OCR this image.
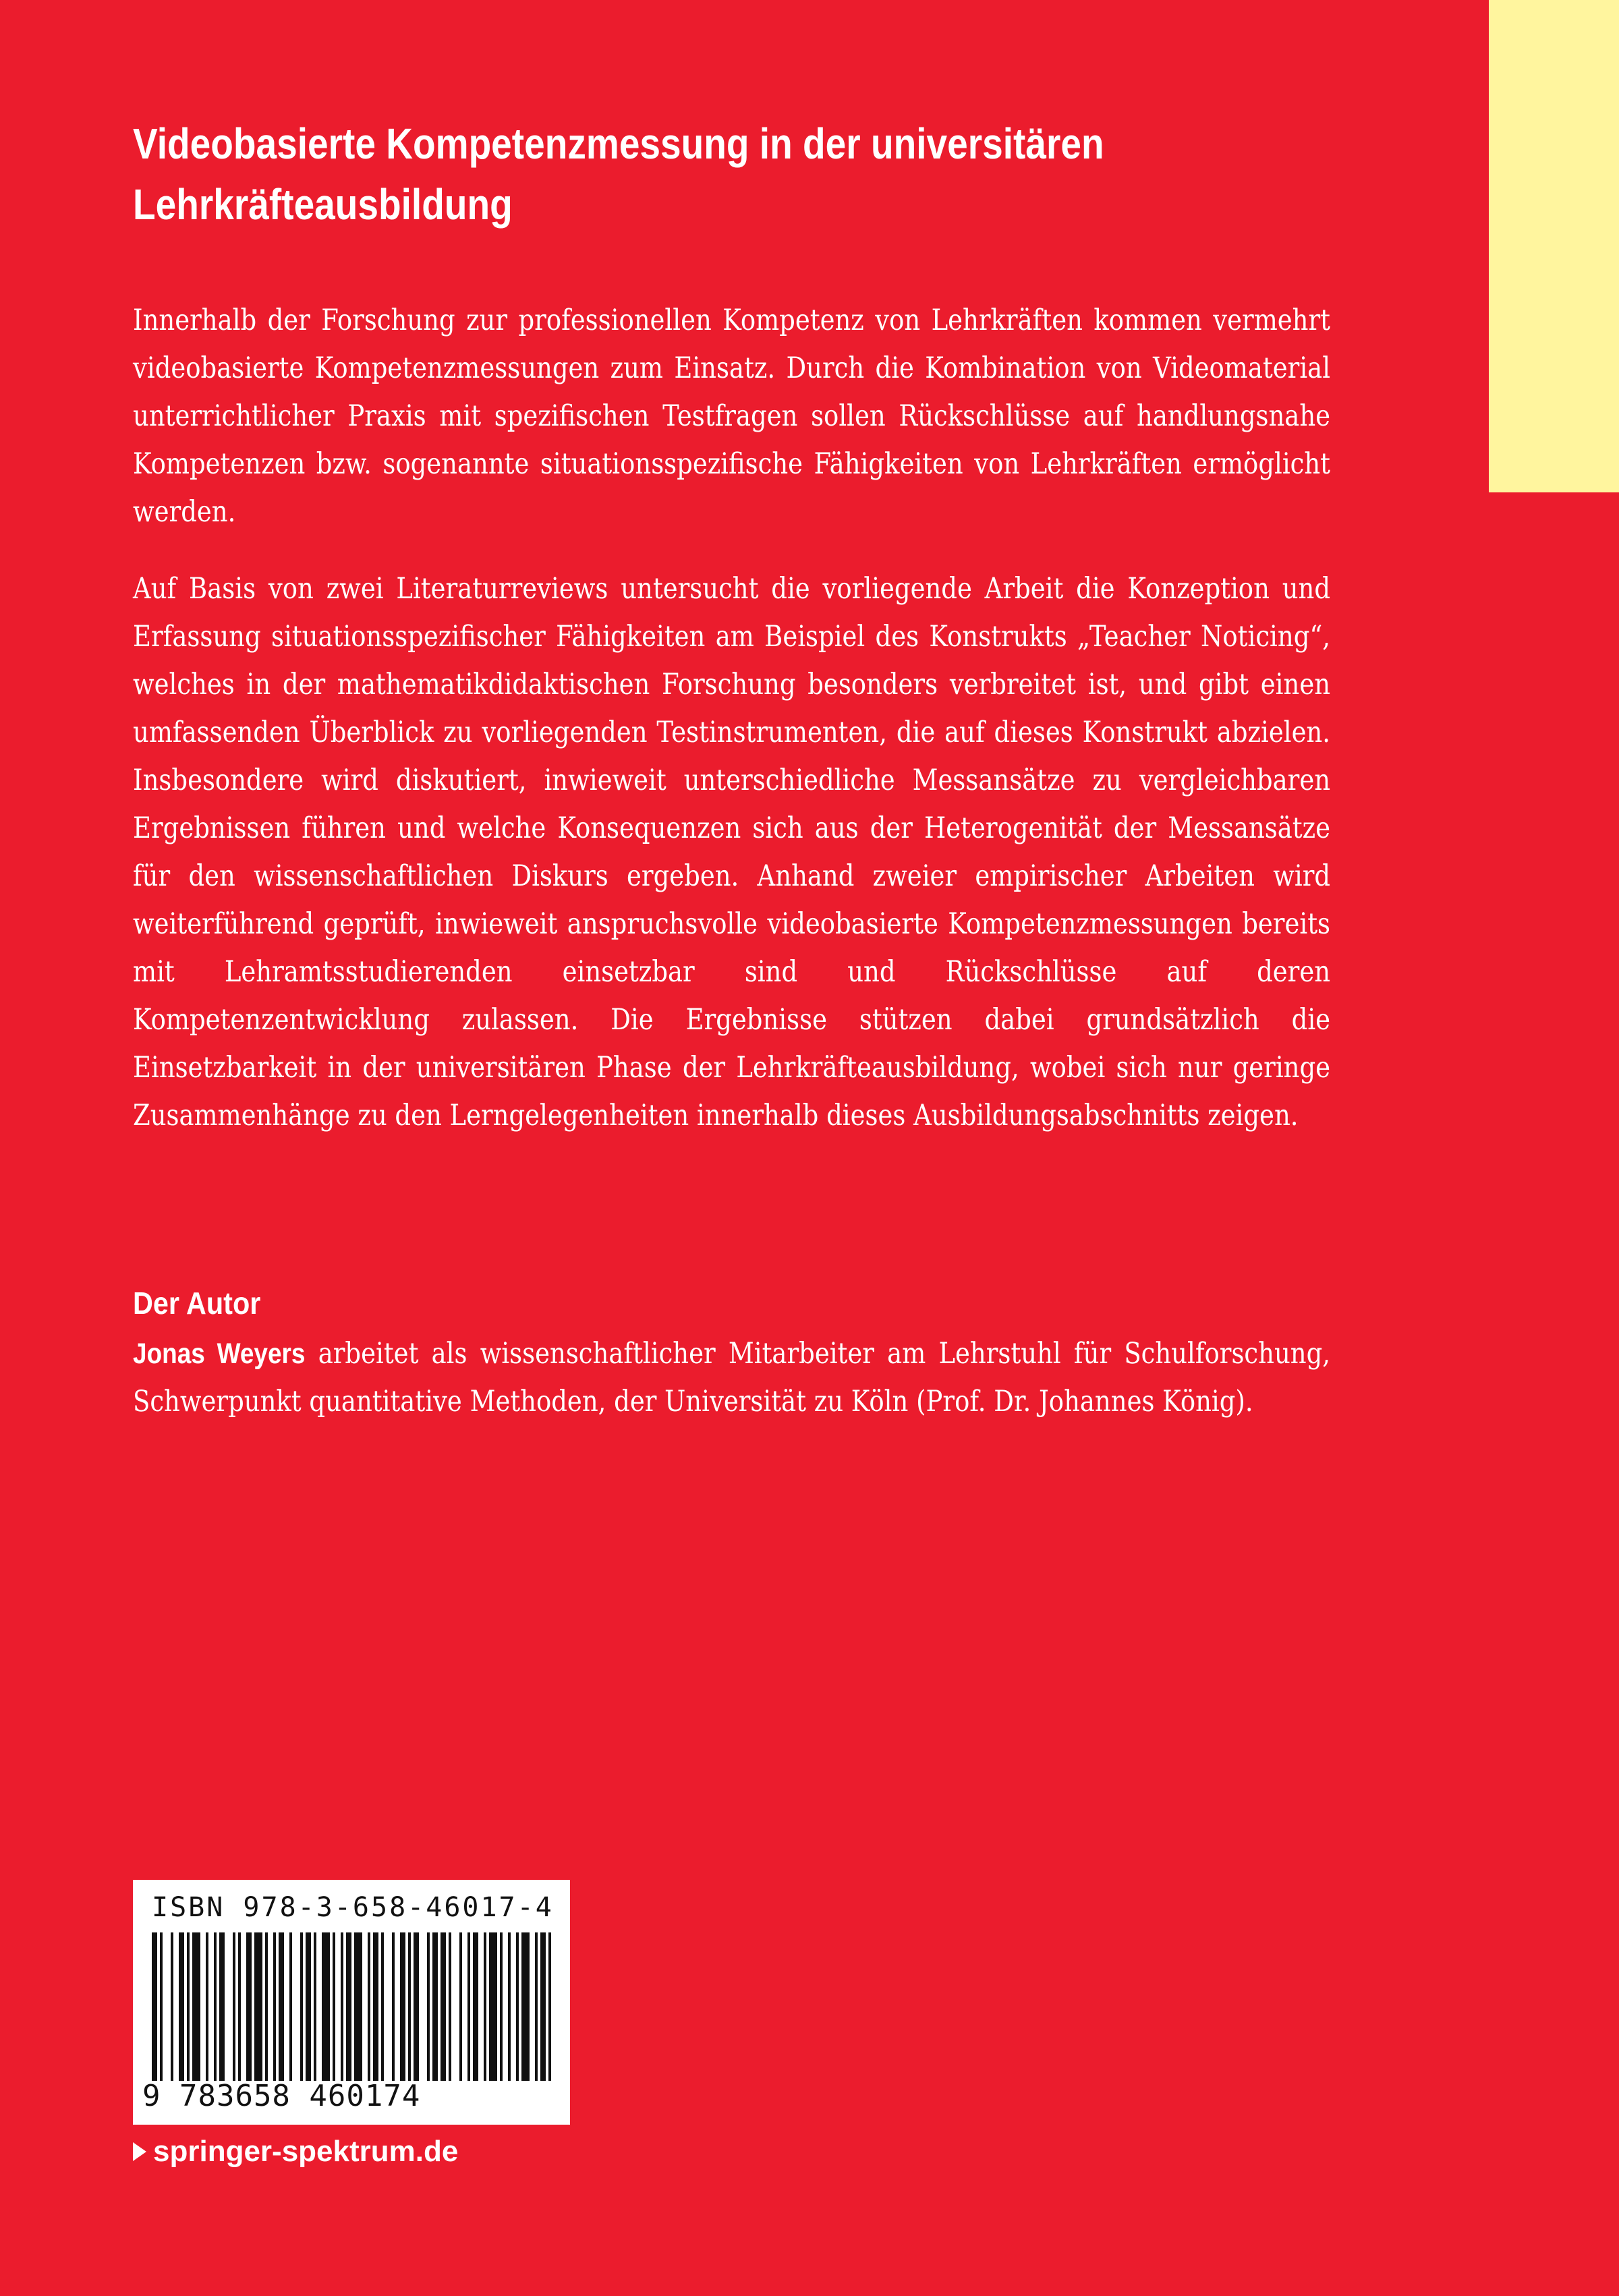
Videobasierte Kompetenzmessung in der universitären
Lehrkräfteausbildung

Innerhalb der Forschung zur professionellen Kompetenz von Lehrkräften kommen vermehrt videobasierte Kompetenzmessungen zum Einsatz. Durch die Kombination von Videomaterial unterrichtlicher Praxis mit spezifischen Testfragen sollen Rückschlüsse auf handlungsnahe Kompetenzen bzw. sogenannte situationsspezifische Fähigkeiten von Lehrkräften ermöglicht werden.

Auf Basis von zwei Literaturreviews untersucht die vorliegende Arbeit die Konzeption und Erfassung situationsspezifischer Fähigkeiten am Beispiel des Konstrukts „Teacher Noticing“, welches in der mathematikdidaktischen Forschung besonders verbreitet ist, und gibt einen umfassenden Überblick zu vorliegenden Testinstrumenten, die auf dieses Konstrukt abzielen. Insbesondere wird diskutiert, inwieweit unterschiedliche Messansätze zu vergleichbaren Ergebnissen führen und welche Konsequenzen sich aus der Heterogenität der Messansätze für den wissenschaftlichen Diskurs ergeben. Anhand zweier empirischer Arbeiten wird weiterführend geprüft, inwieweit anspruchsvolle videobasierte Kompetenzmessungen bereits mit Lehramtsstudierenden einsetzbar sind und Rückschlüsse auf deren Kompetenzentwicklung zulassen. Die Ergebnisse stützen dabei grundsätzlich die Einsetzbarkeit in der universitären Phase der Lehrkräfteausbildung, wobei sich nur geringe Zusammenhänge zu den Lerngelegenheiten innerhalb dieses Ausbildungsabschnitts zeigen.

Der Autor

Jonas Weyers arbeitet als wissenschaftlicher Mitarbeiter am Lehrstuhl für Schulforschung, Schwerpunkt quantitative Methoden, der Universität zu Köln (Prof. Dr. Johannes König).

ISBN 978-3-658-46017-4
9 783658 460174
springer-spektrum.de
